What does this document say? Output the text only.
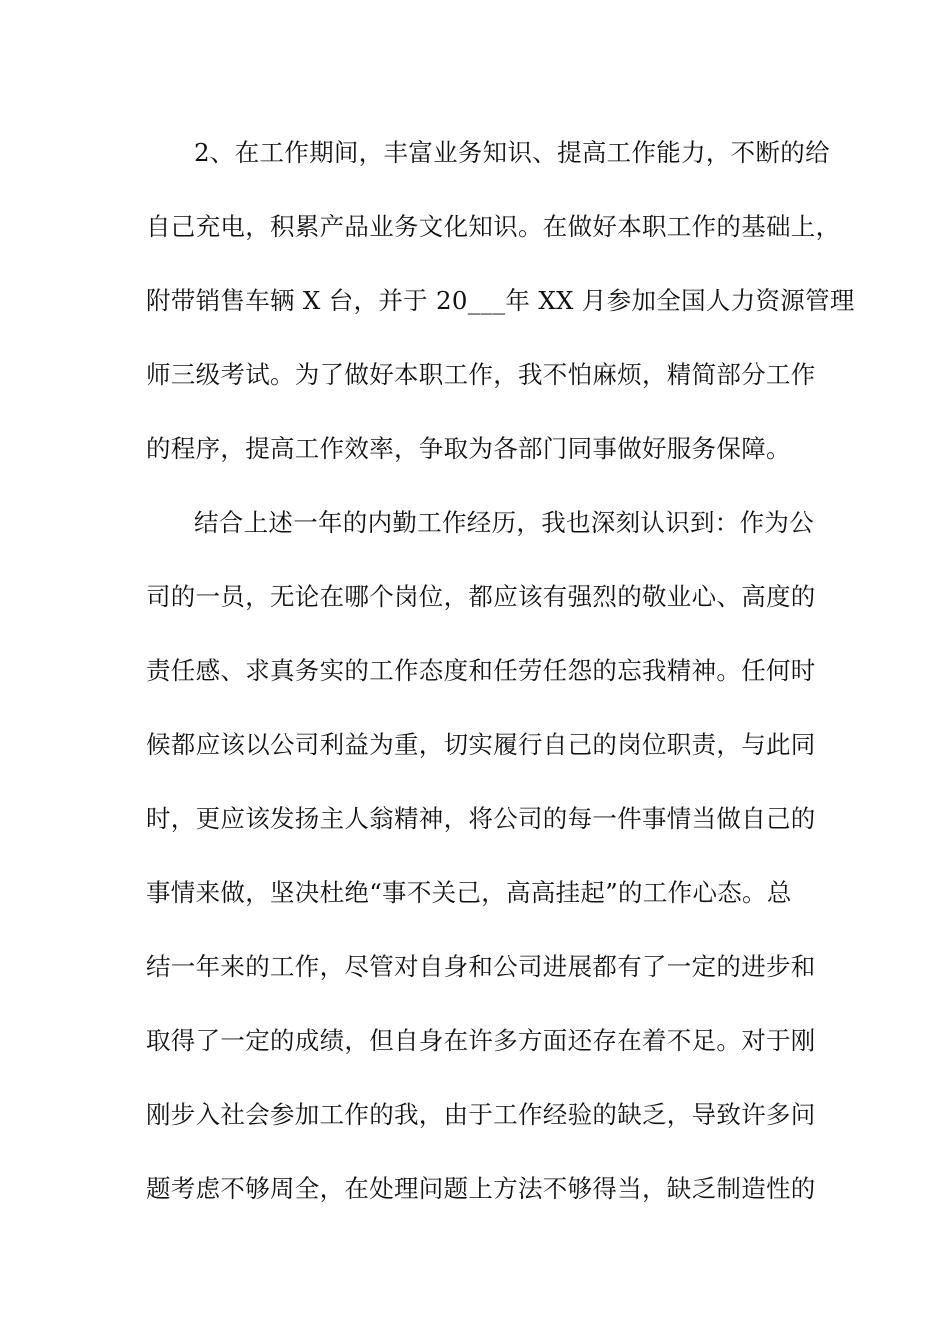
2、在工作期间，丰富业务知识、提高工作能力，不断的给
自己充电，积累产品业务文化知识。在做好本职工作的基础上，
附带销售车辆 X 台，并于 20___年 XX 月参加全国人力资源管理
师三级考试。为了做好本职工作，我不怕麻烦，精简部分工作
的程序，提高工作效率，争取为各部门同事做好服务保障。
结合上述一年的内勤工作经历，我也深刻认识到：作为公
司的一员，无论在哪个岗位，都应该有强烈的敬业心、高度的
责任感、求真务实的工作态度和任劳任怨的忘我精神。任何时
候都应该以公司利益为重，切实履行自己的岗位职责，与此同
时，更应该发扬主人翁精神，将公司的每一件事情当做自己的
事情来做，坚决杜绝“事不关己，高高挂起”的工作心态。总
结一年来的工作，尽管对自身和公司进展都有了一定的进步和
取得了一定的成绩，但自身在许多方面还存在着不足。对于刚
刚步入社会参加工作的我，由于工作经验的缺乏，导致许多问
题考虑不够周全，在处理问题上方法不够得当，缺乏制造性的
